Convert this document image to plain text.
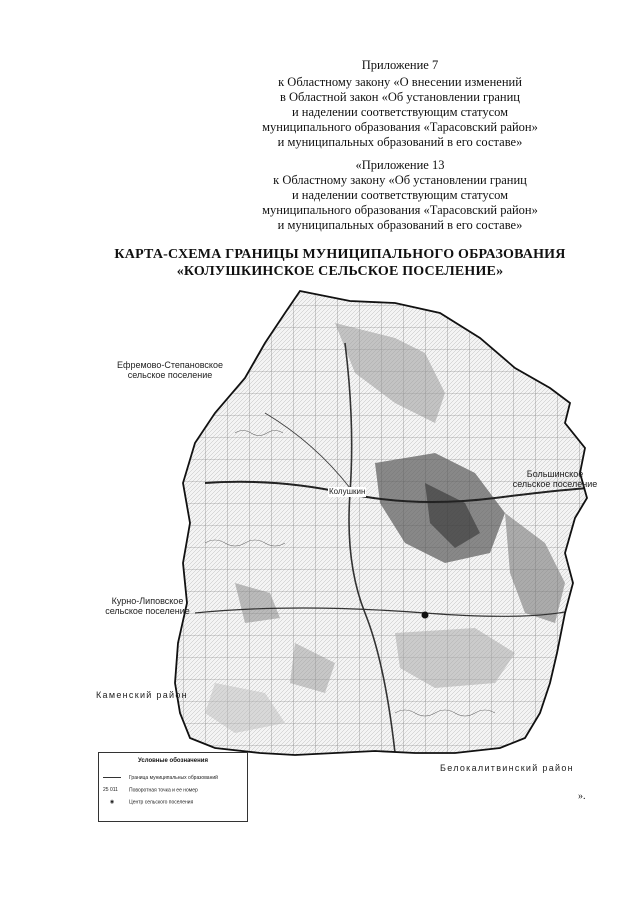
Приложение 7
к Областному закону «О внесении изменений
в Областной закон «Об установлении границ
и наделении соответствующим статусом
муниципального образования «Тарасовский район»
и муниципальных образований в его составе»
«Приложение 13
к Областному закону «Об установлении границ
и наделении соответствующим статусом
муниципального образования «Тарасовский район»
и муниципальных образований в его составе»
КАРТА-СХЕМА ГРАНИЦЫ МУНИЦИПАЛЬНОГО ОБРАЗОВАНИЯ
«КОЛУШКИНСКОЕ СЕЛЬСКОЕ ПОСЕЛЕНИЕ»
Ефремово-Степановское
сельское поселение
Большинское
сельское поселение
Курно-Липовское
сельское поселение
Каменский район
Белокалитвинский район
Колушкин
Условные обозначения
Граница муниципальных образований
25 011 Поворотная точка и ее номер
◉	Центр сельского поселения
».
